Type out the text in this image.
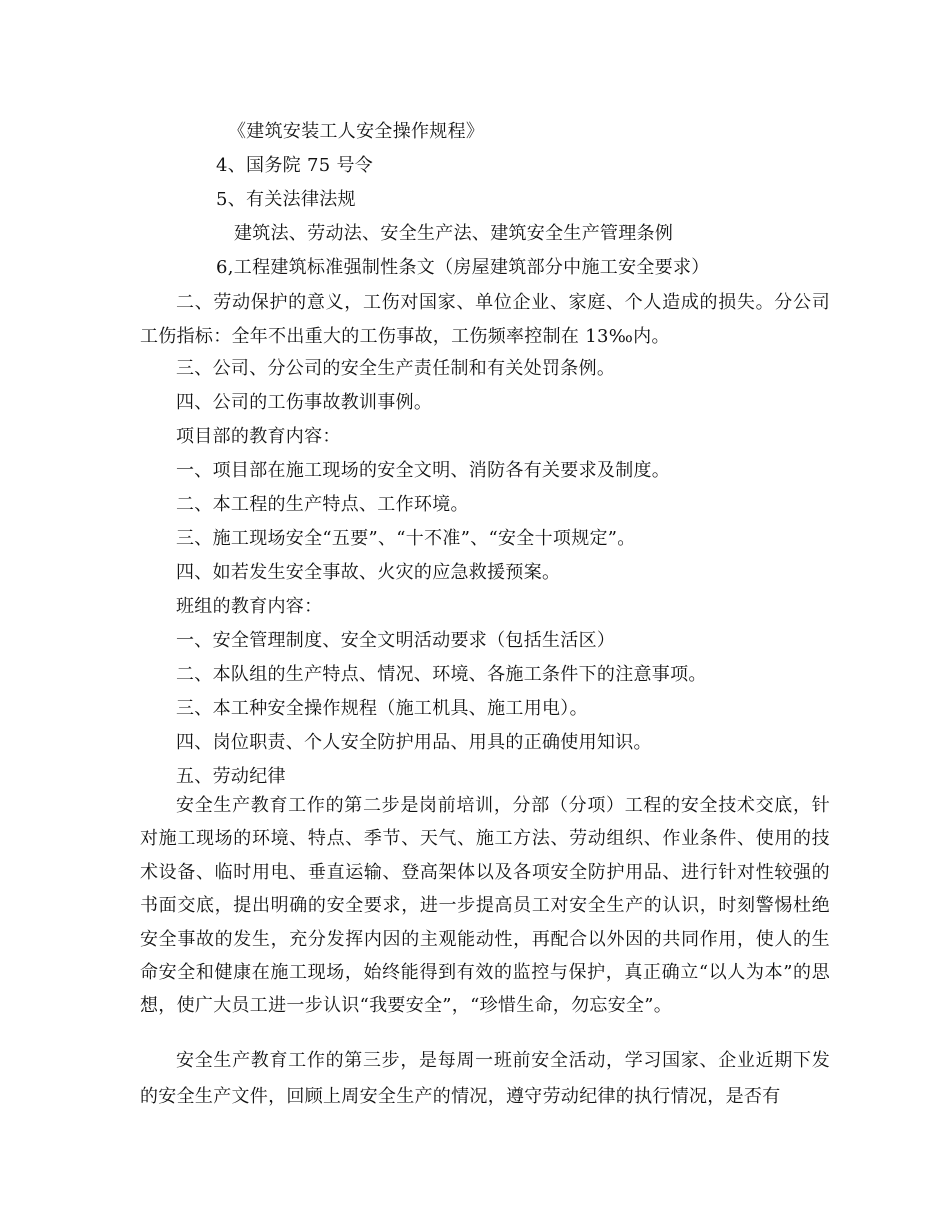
《建筑安装工人安全操作规程》
4、国务院 75 号令
5、有关法律法规
建筑法、劳动法、安全生产法、建筑安全生产管理条例
6,工程建筑标准强制性条文（房屋建筑部分中施工安全要求）
二、劳动保护的意义，工伤对国家、单位企业、家庭、个人造成的损失。分公司工伤指标：全年不出重大的工伤事故，工伤频率控制在 13‰内。
三、公司、分公司的安全生产责任制和有关处罚条例。
四、公司的工伤事故教训事例。
项目部的教育内容：
一、项目部在施工现场的安全文明、消防各有关要求及制度。
二、本工程的生产特点、工作环境。
三、施工现场安全“五要”、“十不准”、“安全十项规定”。
四、如若发生安全事故、火灾的应急救援预案。
班组的教育内容：
一、安全管理制度、安全文明活动要求（包括生活区）
二、本队组的生产特点、情况、环境、各施工条件下的注意事项。
三、本工种安全操作规程（施工机具、施工用电）。
四、岗位职责、个人安全防护用品、用具的正确使用知识。
五、劳动纪律
安全生产教育工作的第二步是岗前培训，分部（分项）工程的安全技术交底，针对施工现场的环境、特点、季节、天气、施工方法、劳动组织、作业条件、使用的技术设备、临时用电、垂直运输、登高架体以及各项安全防护用品、进行针对性较强的书面交底，提出明确的安全要求，进一步提高员工对安全生产的认识，时刻警惕杜绝安全事故的发生，充分发挥内因的主观能动性，再配合以外因的共同作用，使人的生命安全和健康在施工现场，始终能得到有效的监控与保护，真正确立“以人为本”的思想，使广大员工进一步认识“我要安全”，“珍惜生命，勿忘安全”。
安全生产教育工作的第三步，是每周一班前安全活动，学习国家、企业近期下发的安全生产文件，回顾上周安全生产的情况，遵守劳动纪律的执行情况，是否有
